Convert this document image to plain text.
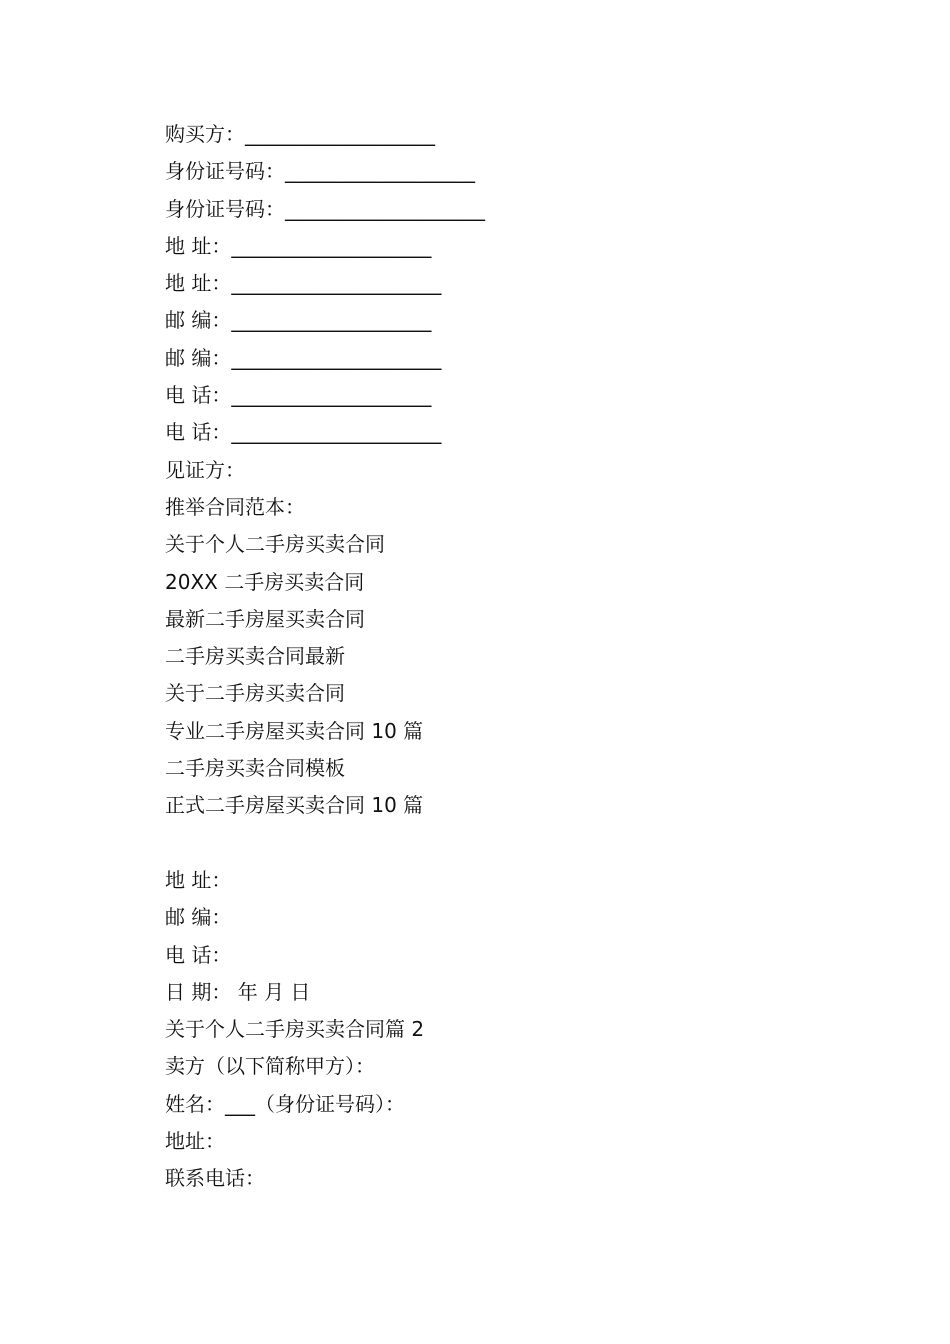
购买方：___________________
身份证号码：___________________
身份证号码：____________________
地 址：____________________
地 址：_____________________
邮 编：____________________
邮 编：_____________________
电 话：____________________
电 话：_____________________
见证方：
推举合同范本：
关于个人二手房买卖合同
20XX 二手房买卖合同
最新二手房屋买卖合同
二手房买卖合同最新
关于二手房买卖合同
专业二手房屋买卖合同 10 篇
二手房买卖合同模板
正式二手房屋买卖合同 10 篇
地 址：
邮 编：
电 话：
日 期： 年 月 日
关于个人二手房买卖合同篇 2
卖方（以下简称甲方）：
姓名：___（身份证号码）：
地址：
联系电话：
